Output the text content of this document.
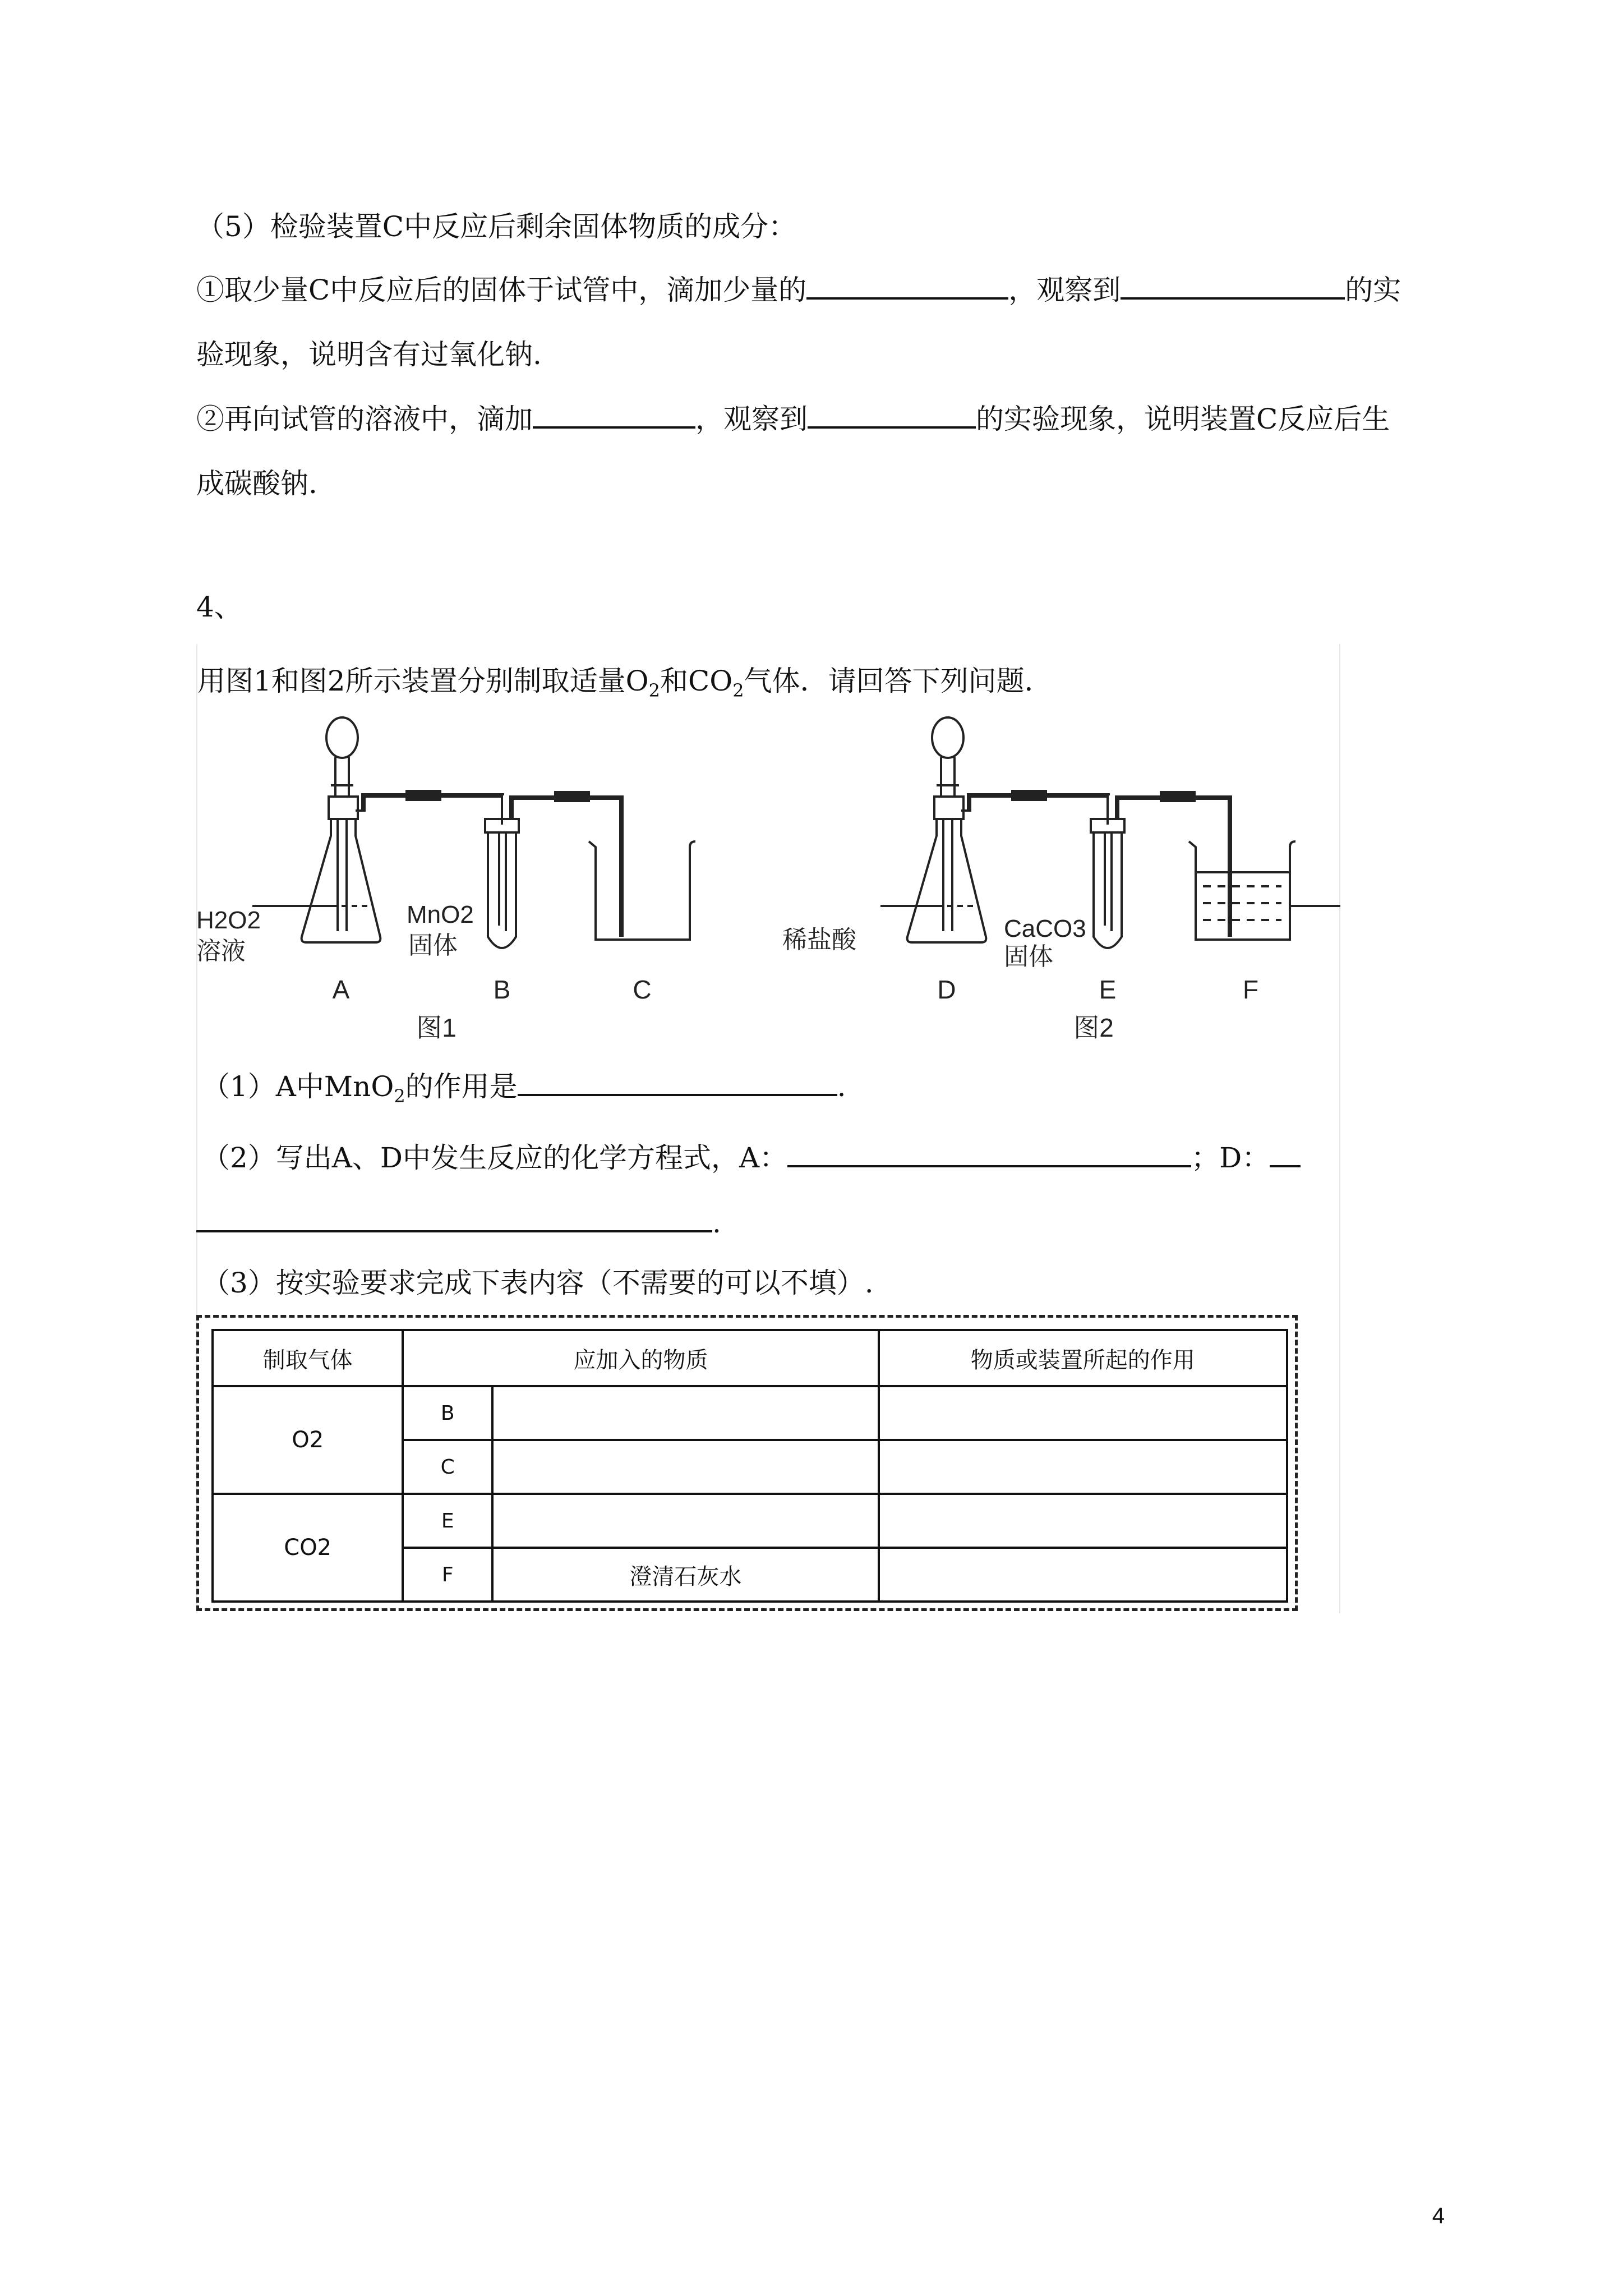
（5）检验装置C中反应后剩余固体物质的成分：
①取少量C中反应后的固体于试管中，滴加少量的	，观察到	的实
验现象，说明含有过氧化钠.
②再向试管的溶液中，滴加	，观察到	的实验现象，说明装置C反应后生
成碳酸钠.
4、
用图1和图2所示装置分别制取适量$O_2$和$CO_2$气体．请回答下列问题．
H2O2
溶液
MnO2
固体	稀盐酸	CaCO3
固体
A	B	C	D	E	F
图1	图2
（1）A中MnO$_2$的作用是	.
（2）写出A、D中发生反应的化学方程式，A：	；D：
.
（3）按实验要求完成下表内容（不需要的可以不填）.
制取气体	应加入的物质		物质或装置所起的作用
O2	B		
	C		
CO2	E		
	F	澄清石灰水	
4
